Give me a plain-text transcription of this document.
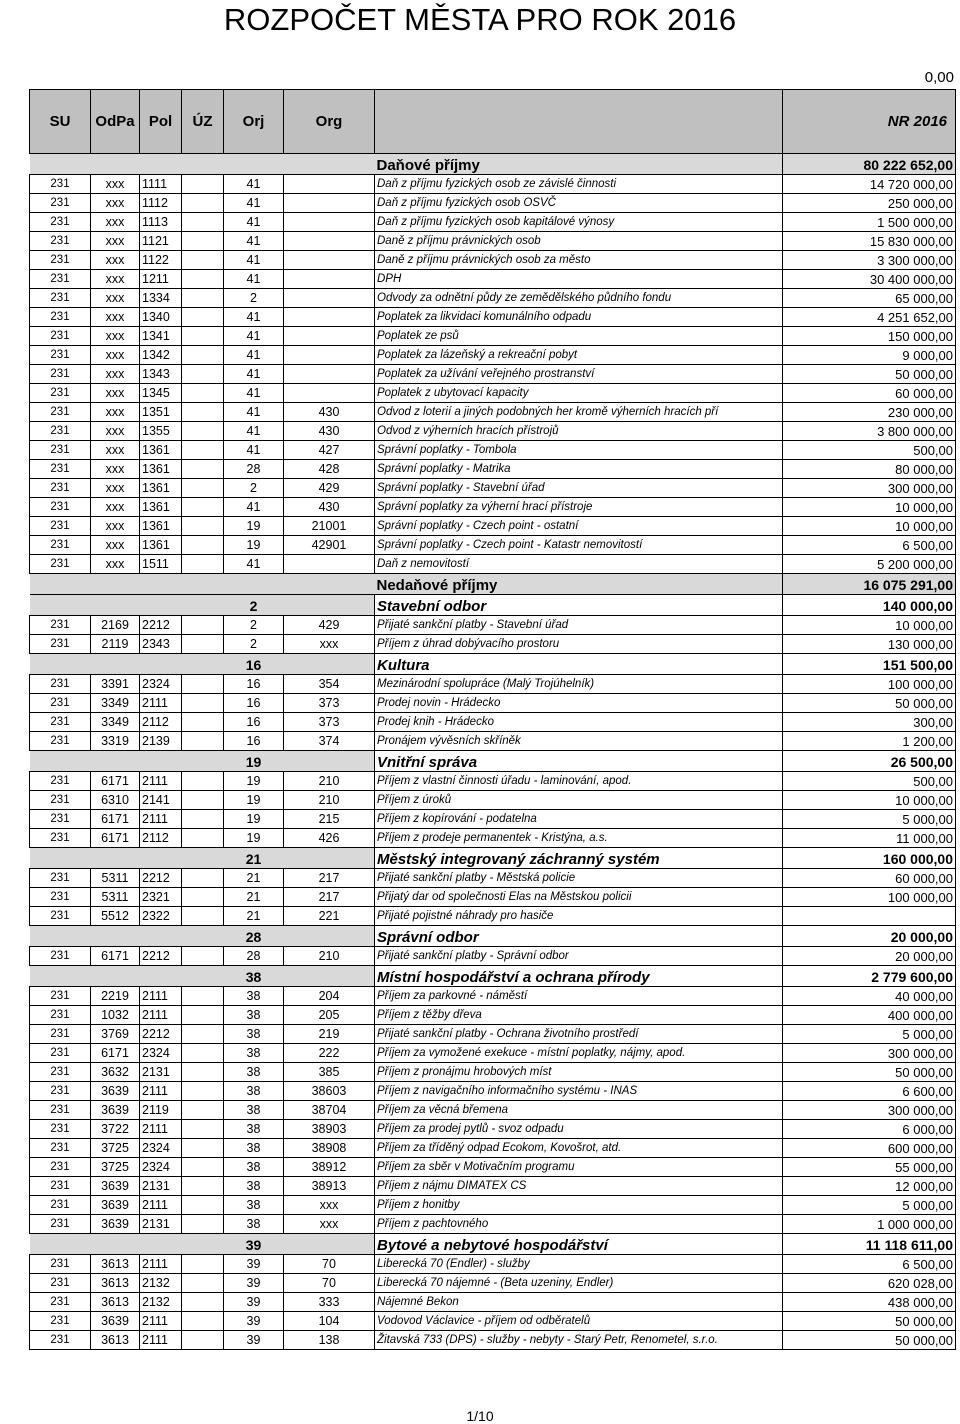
ROZPOČET MĚSTA PRO ROK 2016
0,00
SU	OdPa	Pol	ÚZ	Orj	Org		NR 2016
						Daňové příjmy	80 222 652,00
231	xxx	1111		41		Daň z příjmu fyzických osob ze závislé činnosti	14 720 000,00
231	xxx	1112		41		Daň z příjmu fyzických osob OSVČ	250 000,00
231	xxx	1113		41		Daň z příjmu fyzických osob kapitálové výnosy	1 500 000,00
231	xxx	1121		41		Daně z příjmu právnických osob	15 830 000,00
231	xxx	1122		41		Daně z příjmu právnických osob za město	3 300 000,00
231	xxx	1211		41		DPH	30 400 000,00
231	xxx	1334		2		Odvody za odnětní půdy ze zemědělského půdního fondu	65 000,00
231	xxx	1340		41		Poplatek za likvidaci komunálního odpadu	4 251 652,00
231	xxx	1341		41		Poplatek ze psů	150 000,00
231	xxx	1342		41		Poplatek za lázeňský a rekreační pobyt	9 000,00
231	xxx	1343		41		Poplatek za užívání veřejného prostranství	50 000,00
231	xxx	1345		41		Poplatek z ubytovací kapacity	60 000,00
231	xxx	1351		41	430	Odvod z loterií a jiných podobných her kromě výherních hracích pří	230 000,00
231	xxx	1355		41	430	Odvod z výherních hracích přístrojů	3 800 000,00
231	xxx	1361		41	427	Správní poplatky - Tombola	500,00
231	xxx	1361		28	428	Správní poplatky - Matrika	80 000,00
231	xxx	1361		2	429	Správní poplatky - Stavební úřad	300 000,00
231	xxx	1361		41	430	Správní poplatky za výherní hrací přístroje	10 000,00
231	xxx	1361		19	21001	Správní poplatky - Czech point - ostatní	10 000,00
231	xxx	1361		19	42901	Správní poplatky - Czech point - Katastr nemovitostí	6 500,00
231	xxx	1511		41		Daň z nemovitostí	5 200 000,00
						Nedaňové příjmy	16 075 291,00
				2		Stavební odbor	140 000,00
231	2169	2212		2	429	Přijaté sankční platby - Stavební úřad	10 000,00
231	2119	2343		2	xxx	Příjem z úhrad dobývacího prostoru	130 000,00
				16		Kultura	151 500,00
231	3391	2324		16	354	Mezinárodní spolupráce (Malý Trojúhelník)	100 000,00
231	3349	2111		16	373	Prodej novin - Hrádecko	50 000,00
231	3349	2112		16	373	Prodej knih - Hrádecko	300,00
231	3319	2139		16	374	Pronájem vývěsních skříněk	1 200,00
				19		Vnitřní správa	26 500,00
231	6171	2111		19	210	Příjem z vlastní činnosti úřadu - laminování, apod.	500,00
231	6310	2141		19	210	Příjem z úroků	10 000,00
231	6171	2111		19	215	Příjem z kopírování - podatelna	5 000,00
231	6171	2112		19	426	Příjem z prodeje permanentek - Kristýna, a.s.	11 000,00
				21		Městský integrovaný záchranný systém	160 000,00
231	5311	2212		21	217	Přijaté sankční platby - Městská policie	60 000,00
231	5311	2321		21	217	Přijatý dar od společnosti Elas na Městskou policii	100 000,00
231	5512	2322		21	221	Přijaté pojistné náhrady pro hasiče	
				28		Správní odbor	20 000,00
231	6171	2212		28	210	Přijaté sankční platby - Správní odbor	20 000,00
				38		Místní hospodářství a ochrana přírody	2 779 600,00
231	2219	2111		38	204	Příjem za parkovné - náměstí	40 000,00
231	1032	2111		38	205	Příjem z těžby dřeva	400 000,00
231	3769	2212		38	219	Přijaté sankční platby - Ochrana životního prostředí	5 000,00
231	6171	2324		38	222	Příjem za vymožené exekuce - místní poplatky, nájmy, apod.	300 000,00
231	3632	2131		38	385	Příjem z pronájmu hrobových míst	50 000,00
231	3639	2111		38	38603	Příjem z navigačního informačního systému - INAS	6 600,00
231	3639	2119		38	38704	Příjem za věcná břemena	300 000,00
231	3722	2111		38	38903	Příjem za prodej pytlů - svoz odpadu	6 000,00
231	3725	2324		38	38908	Příjem za tříděný odpad Ecokom, Kovošrot, atd.	600 000,00
231	3725	2324		38	38912	Příjem za sběr v Motivačním programu	55 000,00
231	3639	2131		38	38913	Příjem z nájmu DIMATEX CS	12 000,00
231	3639	2111		38	xxx	Příjem z honitby	5 000,00
231	3639	2131		38	xxx	Příjem z pachtovného	1 000 000,00
				39		Bytové a nebytové hospodářství	11 118 611,00
231	3613	2111		39	70	Liberecká 70 (Endler) - služby	6 500,00
231	3613	2132		39	70	Liberecká 70 nájemné - (Beta uzeniny, Endler)	620 028,00
231	3613	2132		39	333	Nájemné Bekon	438 000,00
231	3639	2111		39	104	Vodovod Václavice - příjem od odběratelů	50 000,00
231	3613	2111		39	138	Žitavská 733 (DPS) - služby - nebyty - Starý Petr, Renometel, s.r.o.	50 000,00
1/10
